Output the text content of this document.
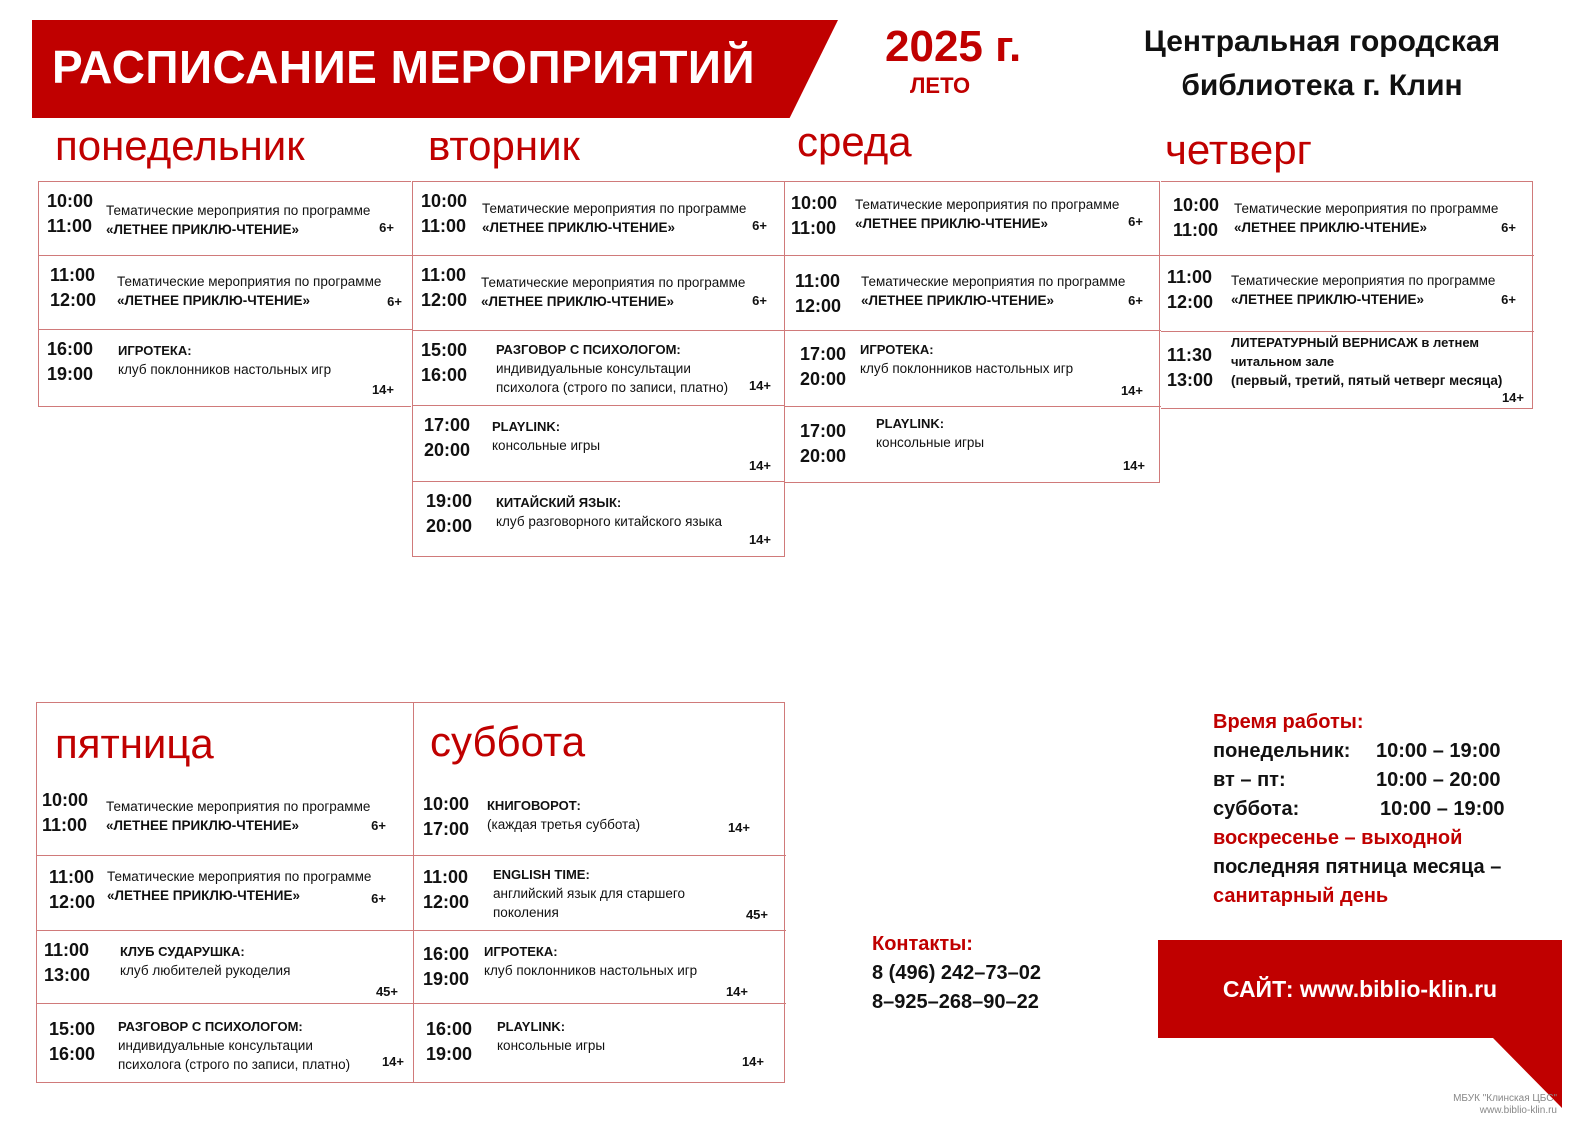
РАСПИСАНИЕ МЕРОПРИЯТИЙ	2025 г.
ЛЕТО
Центральная городская
библиотека г. Клин
понедельник	вторник	среда	четверг
пятница	суббота
10:00
11:00
Тематические мероприятия по программе
«ЛЕТНЕЕ ПРИКЛЮ-ЧТЕНИЕ»	6+
11:00
12:00
Тематические мероприятия по программе
«ЛЕТНЕЕ ПРИКЛЮ-ЧТЕНИЕ»	6+
16:00
19:00
ИГРОТЕКА:
клуб поклонников настольных игр
14+
10:00
11:00
Тематические мероприятия по программе
«ЛЕТНЕЕ ПРИКЛЮ-ЧТЕНИЕ»	6+
11:00
12:00
Тематические мероприятия по программе
«ЛЕТНЕЕ ПРИКЛЮ-ЧТЕНИЕ»	6+
15:00
16:00
РАЗГОВОР С ПСИХОЛОГОМ:
индивидуальные консультации
психолога (строго по записи, платно) 14+
17:00
20:00
PLAYLINK:
консольные игры
14+
19:00
20:00
КИТАЙСКИЙ ЯЗЫК:
клуб разговорного китайского языка
14+
10:00
11:00
Тематические мероприятия по программе
«ЛЕТНЕЕ ПРИКЛЮ-ЧТЕНИЕ»	6+
11:00
12:00
Тематические мероприятия по программе
«ЛЕТНЕЕ ПРИКЛЮ-ЧТЕНИЕ»	6+
17:00
20:00
ИГРОТЕКА:
клуб поклонников настольных игр
14+
17:00
20:00
PLAYLINK:
консольные игры
14+
10:00
11:00
Тематические мероприятия по программе
«ЛЕТНЕЕ ПРИКЛЮ-ЧТЕНИЕ»	6+
11:00
12:00
Тематические мероприятия по программе
«ЛЕТНЕЕ ПРИКЛЮ-ЧТЕНИЕ»	6+
11:30
13:00
ЛИТЕРАТУРНЫЙ ВЕРНИСАЖ в летнем читальном зале
(первый, третий, пятый четверг месяца)
14+
10:00
11:00
Тематические мероприятия по программе
«ЛЕТНЕЕ ПРИКЛЮ-ЧТЕНИЕ»	6+
11:00
12:00
Тематические мероприятия по программе
«ЛЕТНЕЕ ПРИКЛЮ-ЧТЕНИЕ»	6+
11:00
13:00
КЛУБ СУДАРУШКА:
клуб любителей рукоделия
45+
15:00
16:00
РАЗГОВОР С ПСИХОЛОГОМ:
индивидуальные консультации
психолога (строго по записи, платно) 14+
10:00
17:00
КНИГОВОРОТ:
(каждая третья суббота)	14+
11:00
12:00
ENGLISH TIME:
английский язык для старшего
поколения	45+
16:00
19:00
ИГРОТЕКА:
клуб поклонников настольных игр
14+
16:00
19:00
PLAYLINK:
консольные игры
14+
Время работы:
понедельник:	10:00 – 19:00
вт – пт:	10:00 – 20:00
суббота:	10:00 – 19:00
воскресенье – выходной
последняя пятница месяца –
санитарный день
Контакты:
8 (496) 242–73–02
8–925–268–90–22
САЙТ: www.biblio-klin.ru
МБУК "Клинская ЦБС"
www.biblio-klin.ru
